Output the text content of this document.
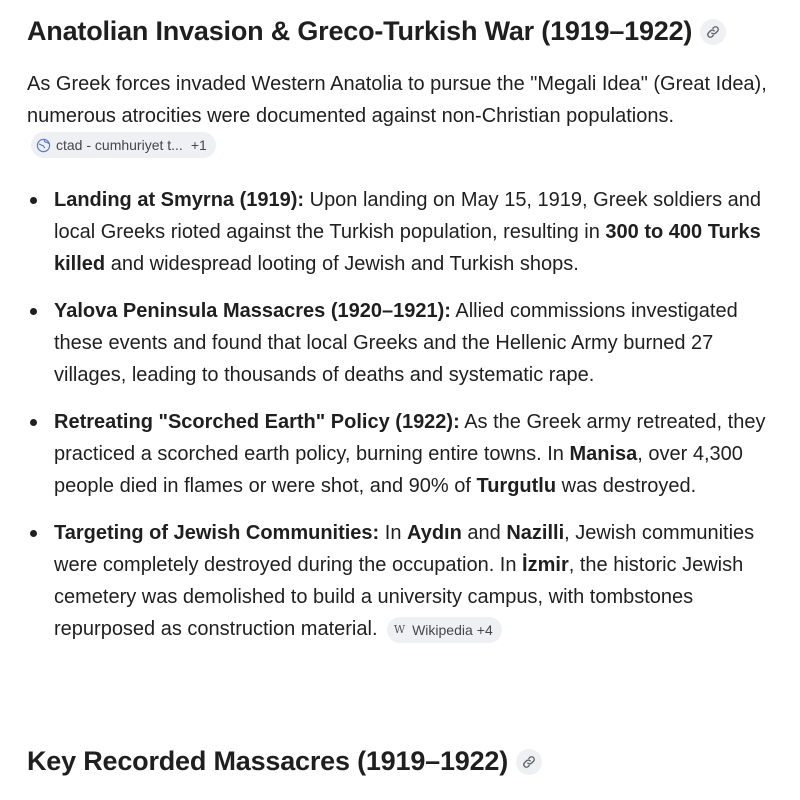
Anatolian Invasion & Greco-Turkish War (1919–1922)

As Greek forces invaded Western Anatolia to pursue the "Megali Idea" (Great Idea), numerous atrocities were documented against non-Christian populations.
ctad - cumhuriyet t... +1

Landing at Smyrna (1919): Upon landing on May 15, 1919, Greek soldiers and local Greeks rioted against the Turkish population, resulting in 300 to 400 Turks killed and widespread looting of Jewish and Turkish shops.
Yalova Peninsula Massacres (1920–1921): Allied commissions investigated these events and found that local Greeks and the Hellenic Army burned 27 villages, leading to thousands of deaths and systematic rape.
Retreating "Scorched Earth" Policy (1922): As the Greek army retreated, they practiced a scorched earth policy, burning entire towns. In Manisa, over 4,300 people died in flames or were shot, and 90% of Turgutlu was destroyed.
Targeting of Jewish Communities: In Aydın and Nazilli, Jewish communities were completely destroyed during the occupation. In İzmir, the historic Jewish cemetery was demolished to build a university campus, with tombstones repurposed as construction material. W Wikipedia +4
Key Recorded Massacres (1919–1922)
